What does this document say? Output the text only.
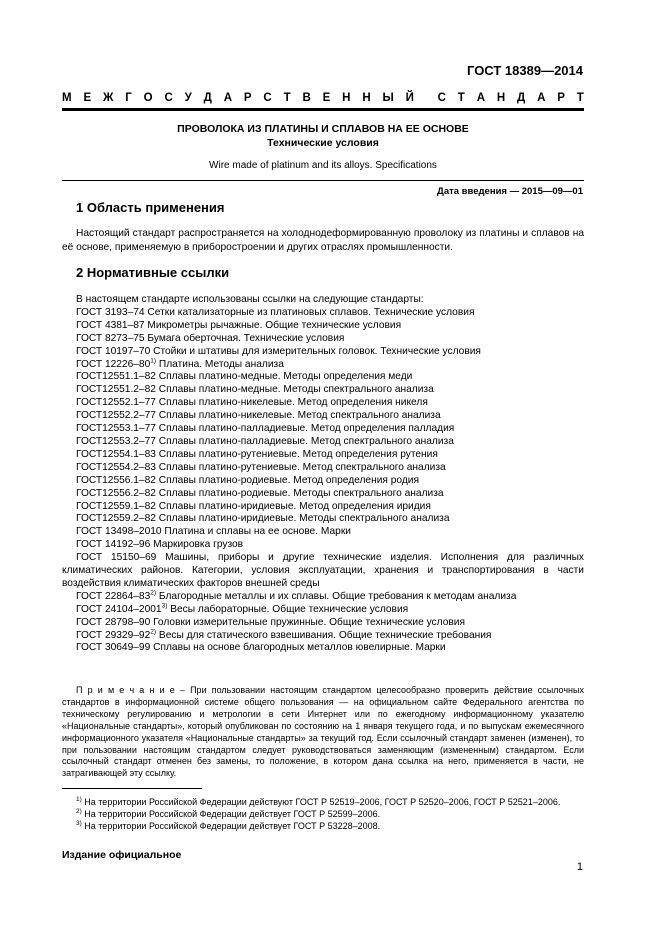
ГОСТ 18389—2014
М Е Ж Г О С У Д А Р С Т В Е Н Н Ы Й С Т А Н Д А Р Т
ПРОВОЛОКА ИЗ ПЛАТИНЫ И СПЛАВОВ НА ЕЕ ОСНОВЕ
Технические условия
Wire made of platinum and its alloys. Specifications
Дата введения — 2015—09—01
1 Область применения
Настоящий стандарт распространяется на холоднодеформированную проволоку из платины и сплавов на её основе, применяемую в приборостроении и других отраслях промышленности.
2 Нормативные ссылки
В настоящем стандарте использованы ссылки на следующие стандарты:
ГОСТ 3193–74 Сетки катализаторные из платиновых сплавов. Технические условия
ГОСТ 4381–87 Микрометры рычажные. Общие технические условия
ГОСТ 8273–75 Бумага оберточная. Технические условия
ГОСТ 10197–70 Стойки и штативы для измерительных головок. Технические условия
ГОСТ 12226–80$^{1)}$ Платина. Методы анализа
ГОСТ12551.1–82 Сплавы платино-медные. Методы определения меди
ГОСТ12551.2–82 Сплавы платино-медные. Методы спектрального анализа
ГОСТ12552.1–77 Сплавы платино-никелевые. Метод определения никеля
ГОСТ12552.2–77 Сплавы платино-никелевые. Метод спектрального анализа
ГОСТ12553.1–77 Сплавы платино-палладиевые. Метод определения палладия
ГОСТ12553.2–77 Сплавы платино-палладиевые. Метод спектрального анализа
ГОСТ12554.1–83 Сплавы платино-рутениевые. Метод определения рутения
ГОСТ12554.2–83 Сплавы платино-рутениевые. Метод спектрального анализа
ГОСТ12556.1–82 Сплавы платино-родиевые. Метод определения родия
ГОСТ12556.2–82 Сплавы платино-родиевые. Методы спектрального анализа
ГОСТ12559.1–82 Сплавы платино-иридиевые. Метод определения иридия
ГОСТ12559.2–82 Сплавы платино-иридиевые. Методы спектрального анализа
ГОСТ 13498–2010 Платина и сплавы на ее основе. Марки
ГОСТ 14192–96 Маркировка грузов
ГОСТ 15150–69 Машины, приборы и другие технические изделия. Исполнения для различных климатических районов. Категории, условия эксплуатации, хранения и транспортирования в части воздействия климатических факторов внешней среды
ГОСТ 22864–83$^{2)}$ Благородные металлы и их сплавы. Общие требования к методам анализа
ГОСТ 24104–2001$^{3)}$ Весы лабораторные. Общие технические условия
ГОСТ 28798–90 Головки измерительные пружинные. Общие технические условия
ГОСТ 29329–92$^{2)}$ Весы для статического взвешивания. Общие технические требования
ГОСТ 30649–99 Сплавы на основе благородных металлов ювелирные. Марки
П р и м е ч а н и е – При пользовании настоящим стандартом целесообразно проверить действие ссылочных стандартов в информационной системе общего пользования — на официальном сайте Федерального агентства по техническому регулированию и метрологии в сети Интернет или по ежегодному информационному указателю «Национальные стандарты», который опубликован по состоянию на 1 января текущего года, и по выпускам ежемесячного информационного указателя «Национальные стандарты» за текущий год. Если ссылочный стандарт заменен (изменен), то при пользовании настоящим стандартом следует руководствоваться заменяющим (измененным) стандартом. Если ссылочный стандарт отменен без замены, то положение, в котором дана ссылка на него, применяется в части, не затрагивающей эту ссылку.
$^{1)}$ На территории Российской Федерации действуют ГОСТ Р 52519–2006, ГОСТ Р 52520–2006, ГОСТ Р 52521–2006.
$^{2)}$ На территории Российской Федерации действует ГОСТ Р 52599–2006.
$^{3)}$ На территории Российской Федерации действует ГОСТ Р 53228–2008.
Издание официальное
1
